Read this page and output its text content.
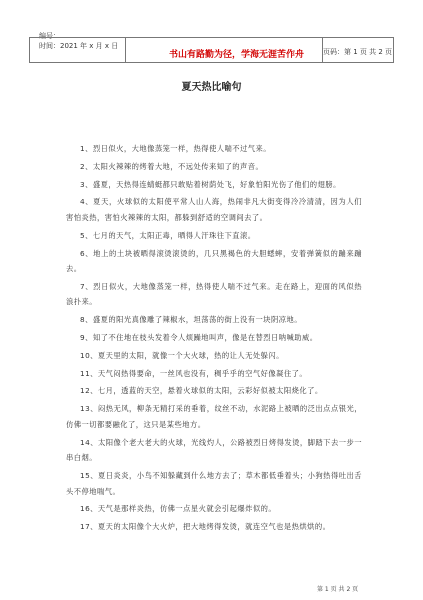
编号：
时间：2021 年 x 月 x 日
书山有路勤为径，学海无涯苦作舟	页码：第 1 页 共 2 页
夏天热比喻句

1、烈日似火，大地像蒸笼一样，热得使人喘不过气来。

2、太阳火辣辣的烤着大地，不远处传来知了的声音。

3、盛夏，天热得连蜻蜓都只敢贴着树荫处飞，好象怕阳光伤了他们的翅膀。

4、夏天，火球似的太阳使平常人山人海，热闹非凡大街变得冷冷清清，因为人们害怕炎热，害怕火辣辣的太阳，都躲到舒适的空调间去了。

5、七月的天气，太阳正毒，晒得人汗珠往下直滚。

6、地上的土块被晒得滚烫滚烫的，几只黑褐色的大胆蟋蟀，安着弹簧似的蹦来蹦去。

7、烈日似火，大地像蒸笼一样，热得使人喘不过气来。走在路上，迎面的风似热浪扑来。

8、盛夏的阳光真像雕了辣椒水，坦荡荡的街上没有一块阴凉地。

9、知了不住地在枝头发着令人烦躁地叫声，像是在替烈日呐喊助威。

10、夏天里的太阳，就像一个大火球，热的让人无处躲闪。

11、天气闷热得要命，一丝风也没有，稠乎乎的空气好像凝住了。

12、七月，透蓝的天空，悬着火球似的太阳，云彩好似被太阳烧化了。

13、闷热无风，柳条无精打采的垂着，纹丝不动，水泥路上被晒的泛出点点银光，仿佛一切都要融化了，这只是某些地方。

14、太阳像个老大老大的火球，光线灼人，公路被烈日烤得发烫，脚踏下去一步一串白烟。

15、夏日炎炎，小鸟不知躲藏到什么地方去了；草木都低垂着头；小狗热得吐出舌头不停地喘气。

16、天气是那样炎热，仿佛一点星火就会引起爆炸似的。

17、夏天的太阳像个大火炉，把大地烤得发烫，就连空气也是热烘烘的。

第 1 页 共 2 页
